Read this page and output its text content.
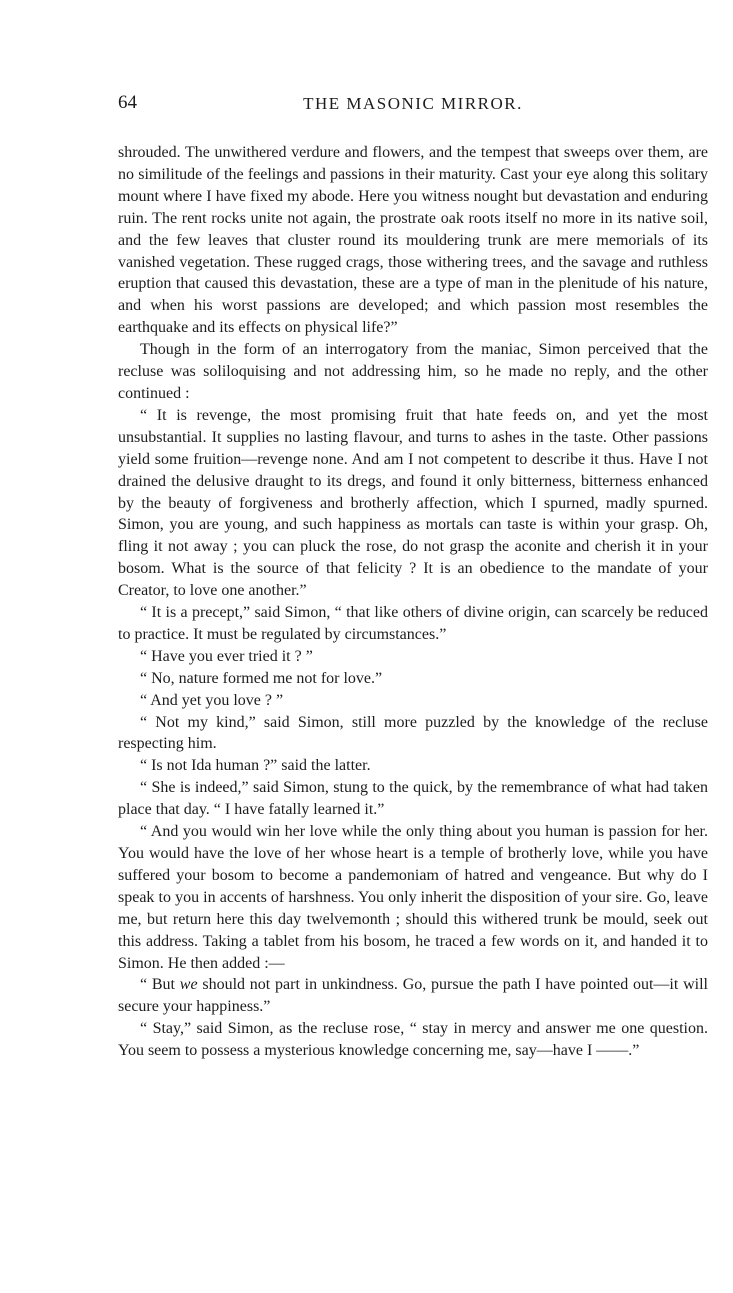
64	THE MASONIC MIRROR.

shrouded. The unwithered verdure and flowers, and the tempest that sweeps over them, are no similitude of the feelings and passions in their maturity. Cast your eye along this solitary mount where I have fixed my abode. Here you witness nought but devastation and enduring ruin. The rent rocks unite not again, the prostrate oak roots itself no more in its native soil, and the few leaves that cluster round its mouldering trunk are mere memorials of its vanished vegetation. These rugged crags, those withering trees, and the savage and ruthless eruption that caused this devastation, these are a type of man in the plenitude of his nature, and when his worst passions are developed; and which passion most resembles the earthquake and its effects on physical life?”

Though in the form of an interrogatory from the maniac, Simon perceived that the recluse was soliloquising and not addressing him, so he made no reply, and the other continued :

“ It is revenge, the most promising fruit that hate feeds on, and yet the most unsubstantial. It supplies no lasting flavour, and turns to ashes in the taste. Other passions yield some fruition—revenge none. And am I not competent to describe it thus. Have I not drained the delusive draught to its dregs, and found it only bitterness, bitterness enhanced by the beauty of forgiveness and brotherly affection, which I spurned, madly spurned. Simon, you are young, and such happiness as mortals can taste is within your grasp. Oh, fling it not away ; you can pluck the rose, do not grasp the aconite and cherish it in your bosom. What is the source of that felicity ? It is an obedience to the mandate of your Creator, to love one another.”

“ It is a precept,” said Simon, “ that like others of divine origin, can scarcely be reduced to practice. It must be regulated by circumstances.”

“ Have you ever tried it ? ”

“ No, nature formed me not for love.”

“ And yet you love ? ”

“ Not my kind,” said Simon, still more puzzled by the knowledge of the recluse respecting him.

“ Is not Ida human ?” said the latter.

“ She is indeed,” said Simon, stung to the quick, by the remembrance of what had taken place that day. “ I have fatally learned it.”

“ And you would win her love while the only thing about you human is passion for her. You would have the love of her whose heart is a temple of brotherly love, while you have suffered your bosom to become a pandemoniam of hatred and vengeance. But why do I speak to you in accents of harshness. You only inherit the disposition of your sire. Go, leave me, but return here this day twelvemonth ; should this withered trunk be mould, seek out this address. Taking a tablet from his bosom, he traced a few words on it, and handed it to Simon. He then added :—

“ But we should not part in unkindness. Go, pursue the path I have pointed out—it will secure your happiness.”

“ Stay,” said Simon, as the recluse rose, “ stay in mercy and answer me one question. You seem to possess a mysterious knowledge concerning me, say—have I ——.”
